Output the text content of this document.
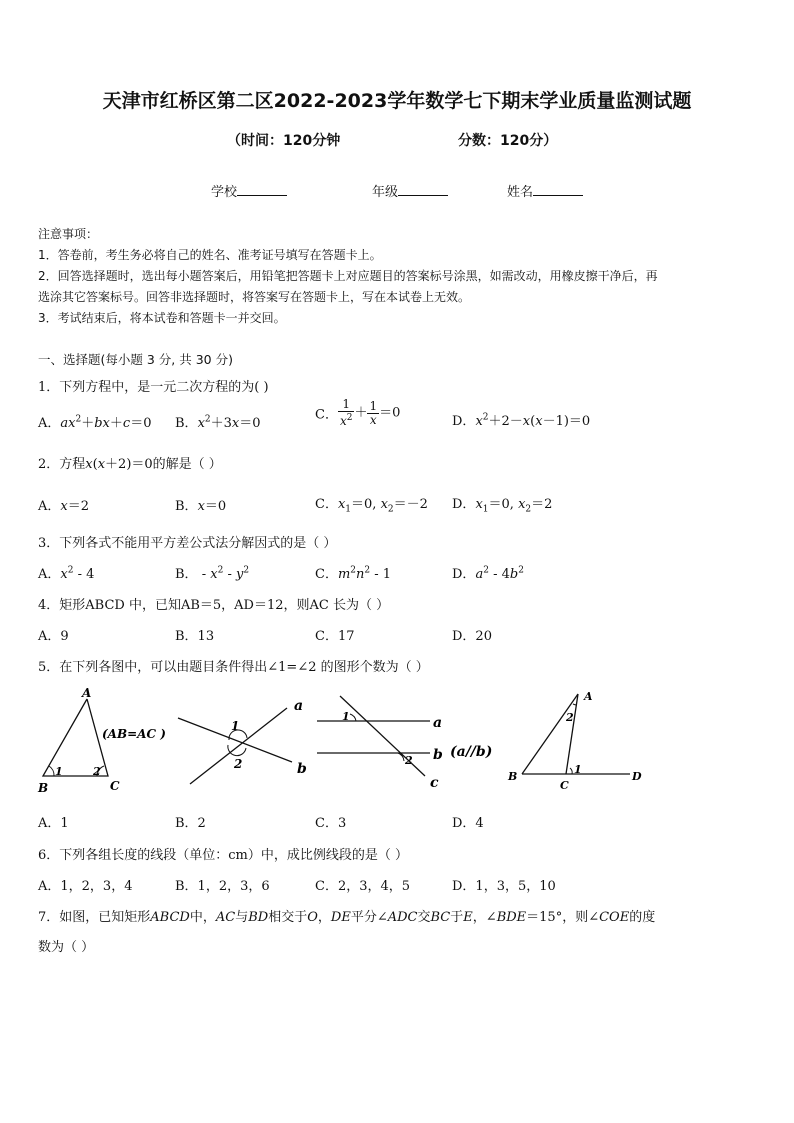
天津市红桥区第二区2022-2023学年数学七下期末学业质量监测试题
（时间：120分钟	分数：120分）
学校	年级	姓名
注意事项：
1．答卷前，考生务必将自己的姓名、准考证号填写在答题卡上。
2．回答选择题时，选出每小题答案后，用铅笔把答题卡上对应题目的答案标号涂黑，如需改动，用橡皮擦干净后，再
选涂其它答案标号。回答非选择题时，将答案写在答题卡上，写在本试卷上无效。
3．考试结束后，将本试卷和答题卡一并交回。
一、选择题(每小题 3 分, 共 30 分)
1．下列方程中，是一元二次方程的为( )
A．$ax^2+bx+c=0$ B．$x^2+3x=0$
C． $\frac{1}{x^2} + \frac{1}{x} =0$
D．$x^2+2-x(x-1)=0$
2．方程x(x＋2)＝0的解是（ ）
A．x＝2	B．x＝0	C．$x_1=0$, $x_2=-2$ D．$x_1=0$, $x_2=2$
3．下列各式不能用平方差公式法分解因式的是（ ）
A．$x^2 - 4$	B． - $x^2 - y^2$	C．$m^2n^2 - 1$	D．$a^2 - 4b^2$
4．矩形ABCD 中，已知AB＝5，AD＝12，则AC 长为（ ）
A．9	B．13	C．17	D．20
5．在下列各图中，可以由题目条件得出∠1=∠2 的图形个数为（ ）
A
B	C
1	2
(AB=AC )
a
b
1
2
1
2
a
b
c
(a//b)
A
B
C
D
2
1
A．1	B．2	C．3	D．4
6．下列各组长度的线段（单位：cm）中，成比例线段的是（ ）
A．1，2，3，4	B．1，2，3，6	C．2，3，4，5	D．1，3，5，10
7．如图，已知矩形ABCD中，AC与BD相交于O，DE平分∠ADC交BC于E，∠BDE＝15°，则∠COE的度
数为（ ）
